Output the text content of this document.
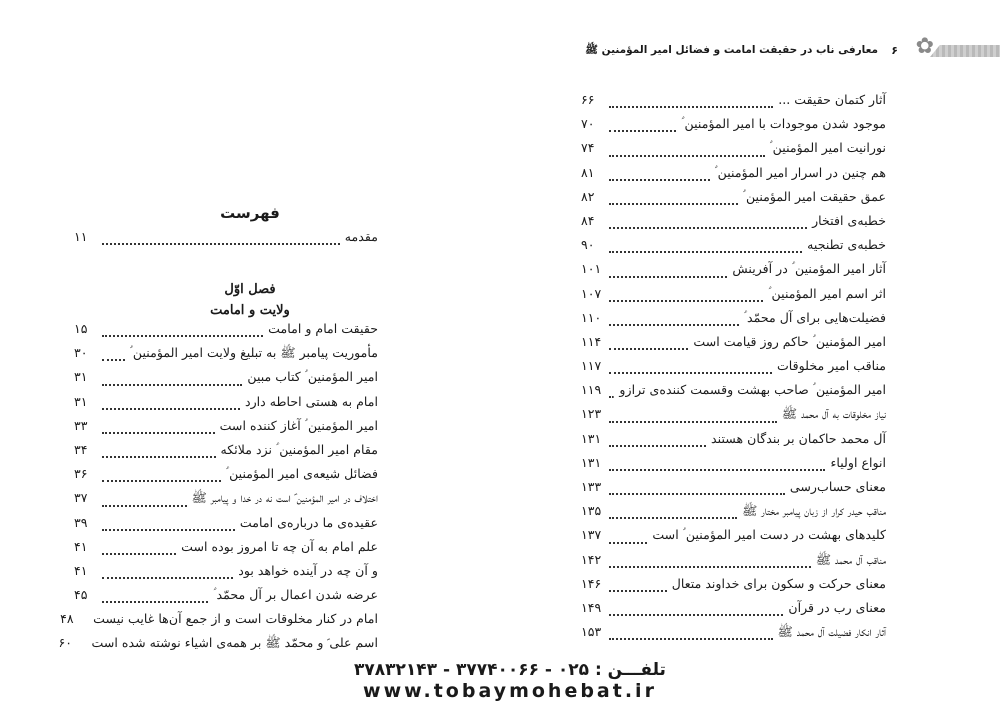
فهرست
مقدمه
۱۱
فصل اوّل
ولایت و امامت
حقیقت امام و امامت
۱۵
مأموریت پیامبر ﷺ به تبلیغ ولایت امیر المؤمنین ؑ
۳۰
امیر المؤمنین ؑ کتاب مبین
۳۱
امام به هستی احاطه دارد
۳۱
امیر المؤمنین ؑ آغاز کننده است
۳۳
مقام امیر المؤمنین ؑ نزد ملائکه
۳۴
فضائل شیعه‌ی امیر المؤمنین ؑ
۳۶
اختلاف در امیر المؤمنین ؑ است نه در خدا و پیامبر ﷺ
۳۷
عقیده‌ی ما درباره‌ی امامت
۳۹
علم امام به آن چه تا امروز بوده است
۴۱
و آن چه در آینده خواهد بود
۴۱
عرضه شدن اعمال بر آل محمّد ؑ
۴۵
امام در کنار مخلوقات است و از جمع آن‌ها غایب نیست
۴۸
اسم علی ؑ و محمّد ﷺ بر همه‌ی اشیاء نوشته شده است
۶۰
✿
۶
معارفی ناب در حقیقت امامت و فضائل امیر المؤمنین ﷺ
آثار کتمان حقیقت ...
۶۶
موجود شدن موجودات با امیر المؤمنین ؑ
۷۰
نورانیت امیر المؤمنین ؑ
۷۴
هم چنین در اسرار امیر المؤمنین ؑ
۸۱
عمق حقیقت امیر المؤمنین ؑ
۸۲
خطبه‌ی افتخار
۸۴
خطبه‌ی تطنجیه
۹۰
آثار امیر المؤمنین ؑ در آفرینش
۱۰۱
اثر اسم امیر المؤمنین ؑ
۱۰۷
فضیلت‌هایی برای آل محمّد ؑ
۱۱۰
امیر المؤمنین ؑ حاکم روز قیامت است
۱۱۴
مناقب امیر مخلوقات
۱۱۷
امیر المؤمنین ؑ صاحب بهشت وقسمت کننده‌ی ترازو
۱۱۹
نیاز مخلوقات به آل محمد ﷺ
۱۲۳
آل محمد حاکمان بر بندگان هستند
۱۳۱
انواع اولیاء
۱۳۱
معنای حساب‌رسی
۱۳۳
مناقب حیدر کرار از زبان پیامبر مختار ﷺ
۱۳۵
کلیدهای بهشت در دست امیر المؤمنین ؑ است
۱۳۷
مناقب آل محمد ﷺ
۱۴۲
معنای حرکت و سکون برای خداوند متعال
۱۴۶
معنای رب در قرآن
۱۴۹
آثار انکار فضیلت آل محمد ﷺ
۱۵۳
تلفـــن : ۰۲۵ - ۳۷۷۴۰۰۶۶ - ۳۷۸۳۲۱۴۳
www.tobaymohebat.ir
